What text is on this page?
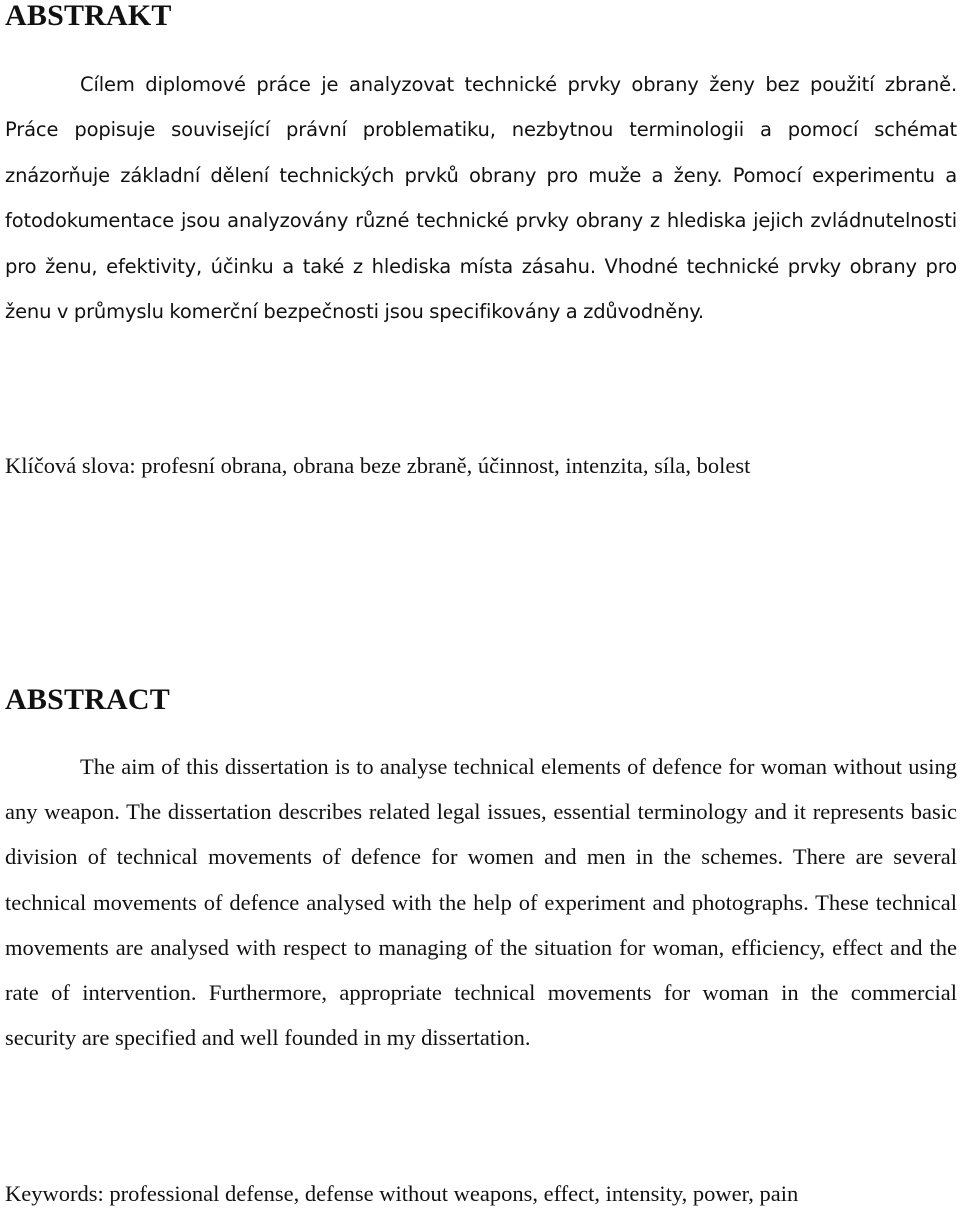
ABSTRAKT

Cílem diplomové práce je analyzovat technické prvky obrany ženy bez použití zbraně. Práce popisuje související právní problematiku, nezbytnou terminologii a pomocí schémat znázorňuje základní dělení technických prvků obrany pro muže a ženy. Pomocí experimentu a fotodokumentace jsou analyzovány různé technické prvky obrany z hlediska jejich zvládnutelnosti pro ženu, efektivity, účinku a také z hlediska místa zásahu. Vhodné technické prvky obrany pro ženu v průmyslu komerční bezpečnosti jsou specifikovány a zdůvodněny.

Klíčová slova: profesní obrana, obrana beze zbraně, účinnost, intenzita, síla, bolest

ABSTRACT

The aim of this dissertation is to analyse technical elements of defence for woman without using any weapon. The dissertation describes related legal issues, essential terminology and it represents basic division of technical movements of defence for women and men in the schemes. There are several technical movements of defence analysed with the help of experiment and photographs. These technical movements are analysed with respect to managing of the situation for woman, efficiency, effect and the rate of intervention. Furthermore, appropriate technical movements for woman in the commercial security are specified and well founded in my dissertation.

Keywords: professional defense, defense without weapons, effect, intensity, power, pain
